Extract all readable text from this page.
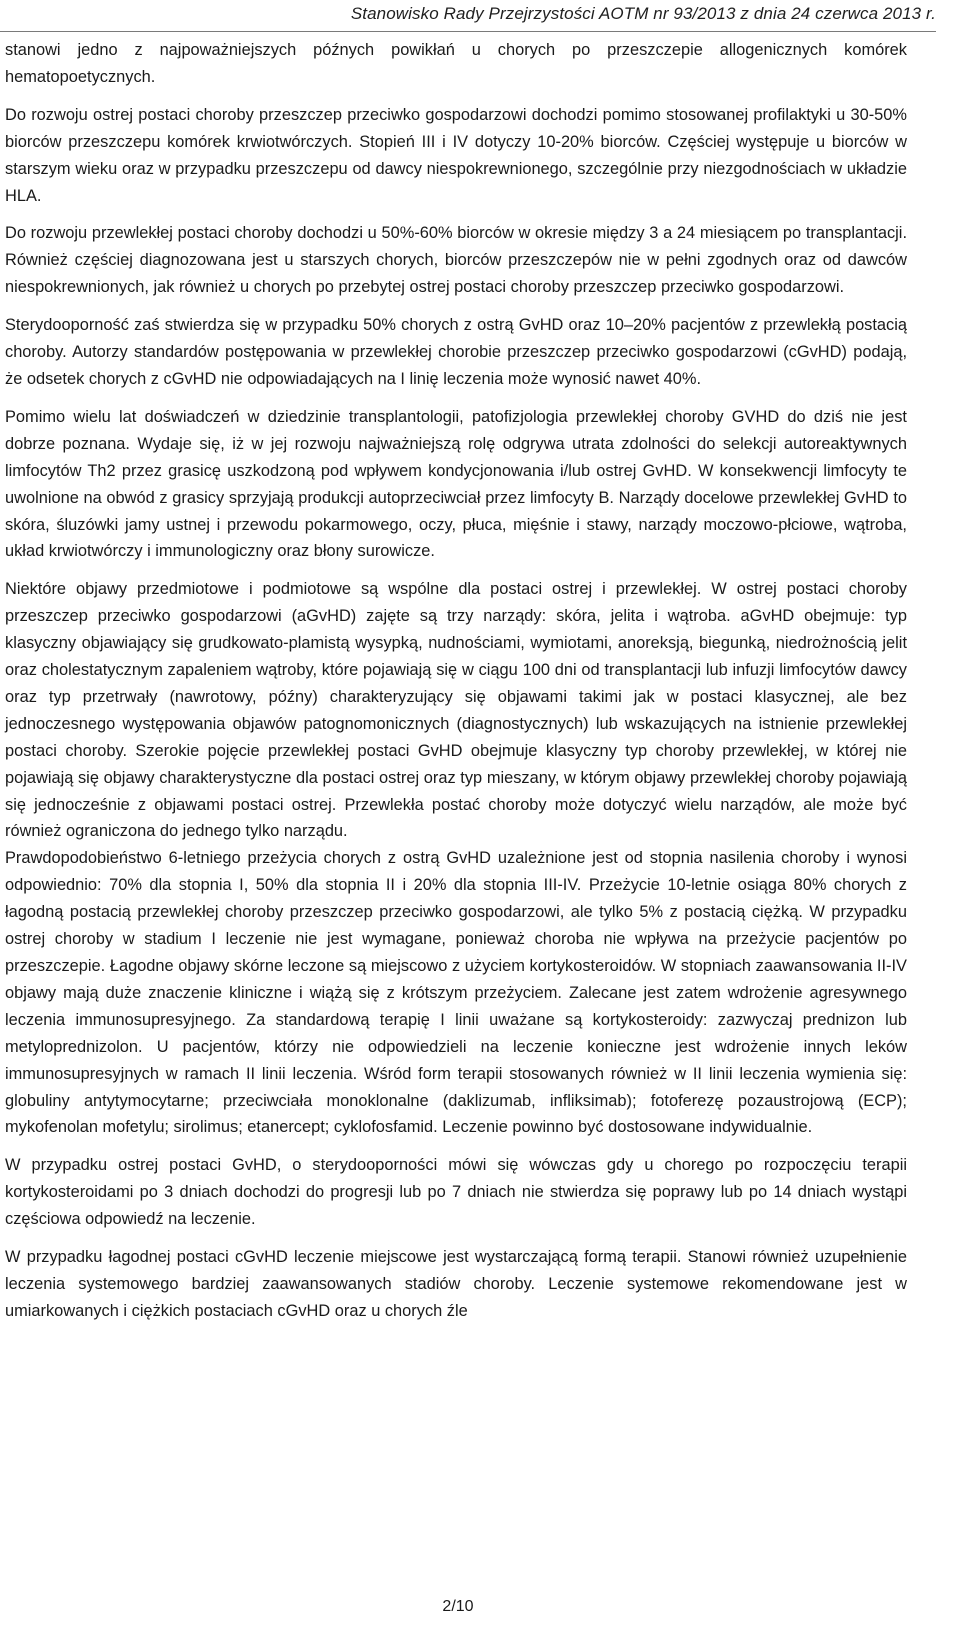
Stanowisko Rady Przejrzystości AOTM nr 93/2013 z dnia 24 czerwca 2013 r.

stanowi jedno z najpoważniejszych późnych powikłań u chorych po przeszczepie allogenicznych komórek hematopoetycznych.

Do rozwoju ostrej postaci choroby przeszczep przeciwko gospodarzowi dochodzi pomimo stosowanej profilaktyki u 30-50% biorców przeszczepu komórek krwiotwórczych. Stopień III i IV dotyczy 10-20% biorców. Częściej występuje u biorców w starszym wieku oraz w przypadku przeszczepu od dawcy niespokrewnionego, szczególnie przy niezgodnościach w układzie HLA.

Do rozwoju przewlekłej postaci choroby dochodzi u 50%-60% biorców w okresie między 3 a 24 miesiącem po transplantacji. Również częściej diagnozowana jest u starszych chorych, biorców przeszczepów nie w pełni zgodnych oraz od dawców niespokrewnionych, jak również u chorych po przebytej ostrej postaci choroby przeszczep przeciwko gospodarzowi.

Sterydooporność zaś stwierdza się w przypadku 50% chorych z ostrą GvHD oraz 10–20% pacjentów z przewlekłą postacią choroby. Autorzy standardów postępowania w przewlekłej chorobie przeszczep przeciwko gospodarzowi (cGvHD) podają, że odsetek chorych z cGvHD nie odpowiadających na I linię leczenia może wynosić nawet 40%.

Pomimo wielu lat doświadczeń w dziedzinie transplantologii, patofizjologia przewlekłej choroby GVHD do dziś nie jest dobrze poznana. Wydaje się, iż w jej rozwoju najważniejszą rolę odgrywa utrata zdolności do selekcji autoreaktywnych limfocytów Th2 przez grasicę uszkodzoną pod wpływem kondycjonowania i/lub ostrej GvHD. W konsekwencji limfocyty te uwolnione na obwód z grasicy sprzyjają produkcji autoprzeciwciał przez limfocyty B. Narządy docelowe przewlekłej GvHD to skóra, śluzówki jamy ustnej i przewodu pokarmowego, oczy, płuca, mięśnie i stawy, narządy moczowo-płciowe, wątroba, układ krwiotwórczy i immunologiczny oraz błony surowicze.

Niektóre objawy przedmiotowe i podmiotowe są wspólne dla postaci ostrej i przewlekłej. W ostrej postaci choroby przeszczep przeciwko gospodarzowi (aGvHD) zajęte są trzy narządy: skóra, jelita i wątroba. aGvHD obejmuje: typ klasyczny objawiający się grudkowato-plamistą wysypką, nudnościami, wymiotami, anoreksją, biegunką, niedrożnością jelit oraz cholestatycznym zapaleniem wątroby, które pojawiają się w ciągu 100 dni od transplantacji lub infuzji limfocytów dawcy oraz typ przetrwały (nawrotowy, późny) charakteryzujący się objawami takimi jak w postaci klasycznej, ale bez jednoczesnego występowania objawów patognomonicznych (diagnostycznych) lub wskazujących na istnienie przewlekłej postaci choroby. Szerokie pojęcie przewlekłej postaci GvHD obejmuje klasyczny typ choroby przewlekłej, w której nie pojawiają się objawy charakterystyczne dla postaci ostrej oraz typ mieszany, w którym objawy przewlekłej choroby pojawiają się jednocześnie z objawami postaci ostrej. Przewlekła postać choroby może dotyczyć wielu narządów, ale może być również ograniczona do jednego tylko narządu.

Prawdopodobieństwo 6-letniego przeżycia chorych z ostrą GvHD uzależnione jest od stopnia nasilenia choroby i wynosi odpowiednio: 70% dla stopnia I, 50% dla stopnia II i 20% dla stopnia III-IV. Przeżycie 10-letnie osiąga 80% chorych z łagodną postacią przewlekłej choroby przeszczep przeciwko gospodarzowi, ale tylko 5% z postacią ciężką. W przypadku ostrej choroby w stadium I leczenie nie jest wymagane, ponieważ choroba nie wpływa na przeżycie pacjentów po przeszczepie. Łagodne objawy skórne leczone są miejscowo z użyciem kortykosteroidów. W stopniach zaawansowania II-IV objawy mają duże znaczenie kliniczne i wiążą się z krótszym przeżyciem. Zalecane jest zatem wdrożenie agresywnego leczenia immunosupresyjnego. Za standardową terapię I linii uważane są kortykosteroidy: zazwyczaj prednizon lub metyloprednizolon. U pacjentów, którzy nie odpowiedzieli na leczenie konieczne jest wdrożenie innych leków immunosupresyjnych w ramach II linii leczenia. Wśród form terapii stosowanych również w II linii leczenia wymienia się: globuliny antytymocytarne; przeciwciała monoklonalne (daklizumab, infliksimab); fotoferezę pozaustrojową (ECP); mykofenolan mofetylu; sirolimus; etanercept; cyklofosfamid. Leczenie powinno być dostosowane indywidualnie.

W przypadku ostrej postaci GvHD, o sterydooporności mówi się wówczas gdy u chorego po rozpoczęciu terapii kortykosteroidami po 3 dniach dochodzi do progresji lub po 7 dniach nie stwierdza się poprawy lub po 14 dniach wystąpi częściowa odpowiedź na leczenie.

W przypadku łagodnej postaci cGvHD leczenie miejscowe jest wystarczającą formą terapii. Stanowi również uzupełnienie leczenia systemowego bardziej zaawansowanych stadiów choroby. Leczenie systemowe rekomendowane jest w umiarkowanych i ciężkich postaciach cGvHD oraz u chorych źle

2/10
